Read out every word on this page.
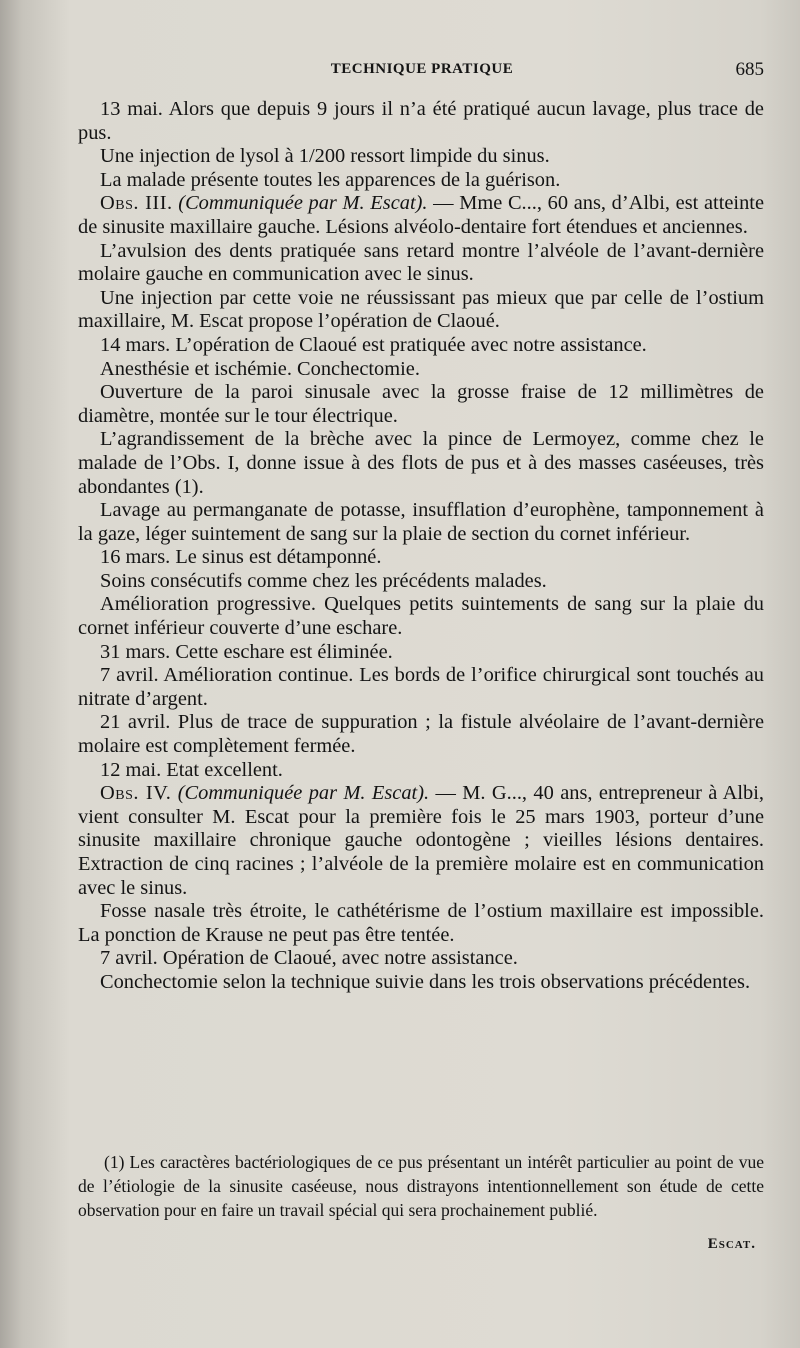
TECHNIQUE PRATIQUE	685

13 mai. Alors que depuis 9 jours il n’a été pratiqué aucun lavage, plus trace de pus.

Une injection de lysol à 1/200 ressort limpide du sinus.

La malade présente toutes les apparences de la guérison.

Obs. III. (Communiquée par M. Escat). — Mme C..., 60 ans, d’Albi, est atteinte de sinusite maxillaire gauche. Lésions alvéolo-dentaire fort étendues et anciennes.

L’avulsion des dents pratiquée sans retard montre l’alvéole de l’avant-dernière molaire gauche en communication avec le sinus.

Une injection par cette voie ne réussissant pas mieux que par celle de l’ostium maxillaire, M. Escat propose l’opération de Claoué.

14 mars. L’opération de Claoué est pratiquée avec notre assistance.

Anesthésie et ischémie. Conchectomie.

Ouverture de la paroi sinusale avec la grosse fraise de 12 millimètres de diamètre, montée sur le tour électrique.

L’agrandissement de la brèche avec la pince de Lermoyez, comme chez le malade de l’Obs. I, donne issue à des flots de pus et à des masses caséeuses, très abondantes (1).

Lavage au permanganate de potasse, insufflation d’europhène, tamponnement à la gaze, léger suintement de sang sur la plaie de section du cornet inférieur.

16 mars. Le sinus est détamponné.

Soins consécutifs comme chez les précédents malades.

Amélioration progressive. Quelques petits suintements de sang sur la plaie du cornet inférieur couverte d’une eschare.

31 mars. Cette eschare est éliminée.

7 avril. Amélioration continue. Les bords de l’orifice chirurgical sont touchés au nitrate d’argent.

21 avril. Plus de trace de suppuration ; la fistule alvéolaire de l’avant-dernière molaire est complètement fermée.

12 mai. Etat excellent.

Obs. IV. (Communiquée par M. Escat). — M. G..., 40 ans, entrepreneur à Albi, vient consulter M. Escat pour la première fois le 25 mars 1903, porteur d’une sinusite maxillaire chronique gauche odontogène ; vieilles lésions dentaires. Extraction de cinq racines ; l’alvéole de la première molaire est en communication avec le sinus.

Fosse nasale très étroite, le cathétérisme de l’ostium maxillaire est impossible. La ponction de Krause ne peut pas être tentée.

7 avril. Opération de Claoué, avec notre assistance.

Conchectomie selon la technique suivie dans les trois observations précédentes.

(1) Les caractères bactériologiques de ce pus présentant un intérêt particulier au point de vue de l’étiologie de la sinusite caséeuse, nous distrayons intentionnellement son étude de cette observation pour en faire un travail spécial qui sera prochainement publié.

Escat.
